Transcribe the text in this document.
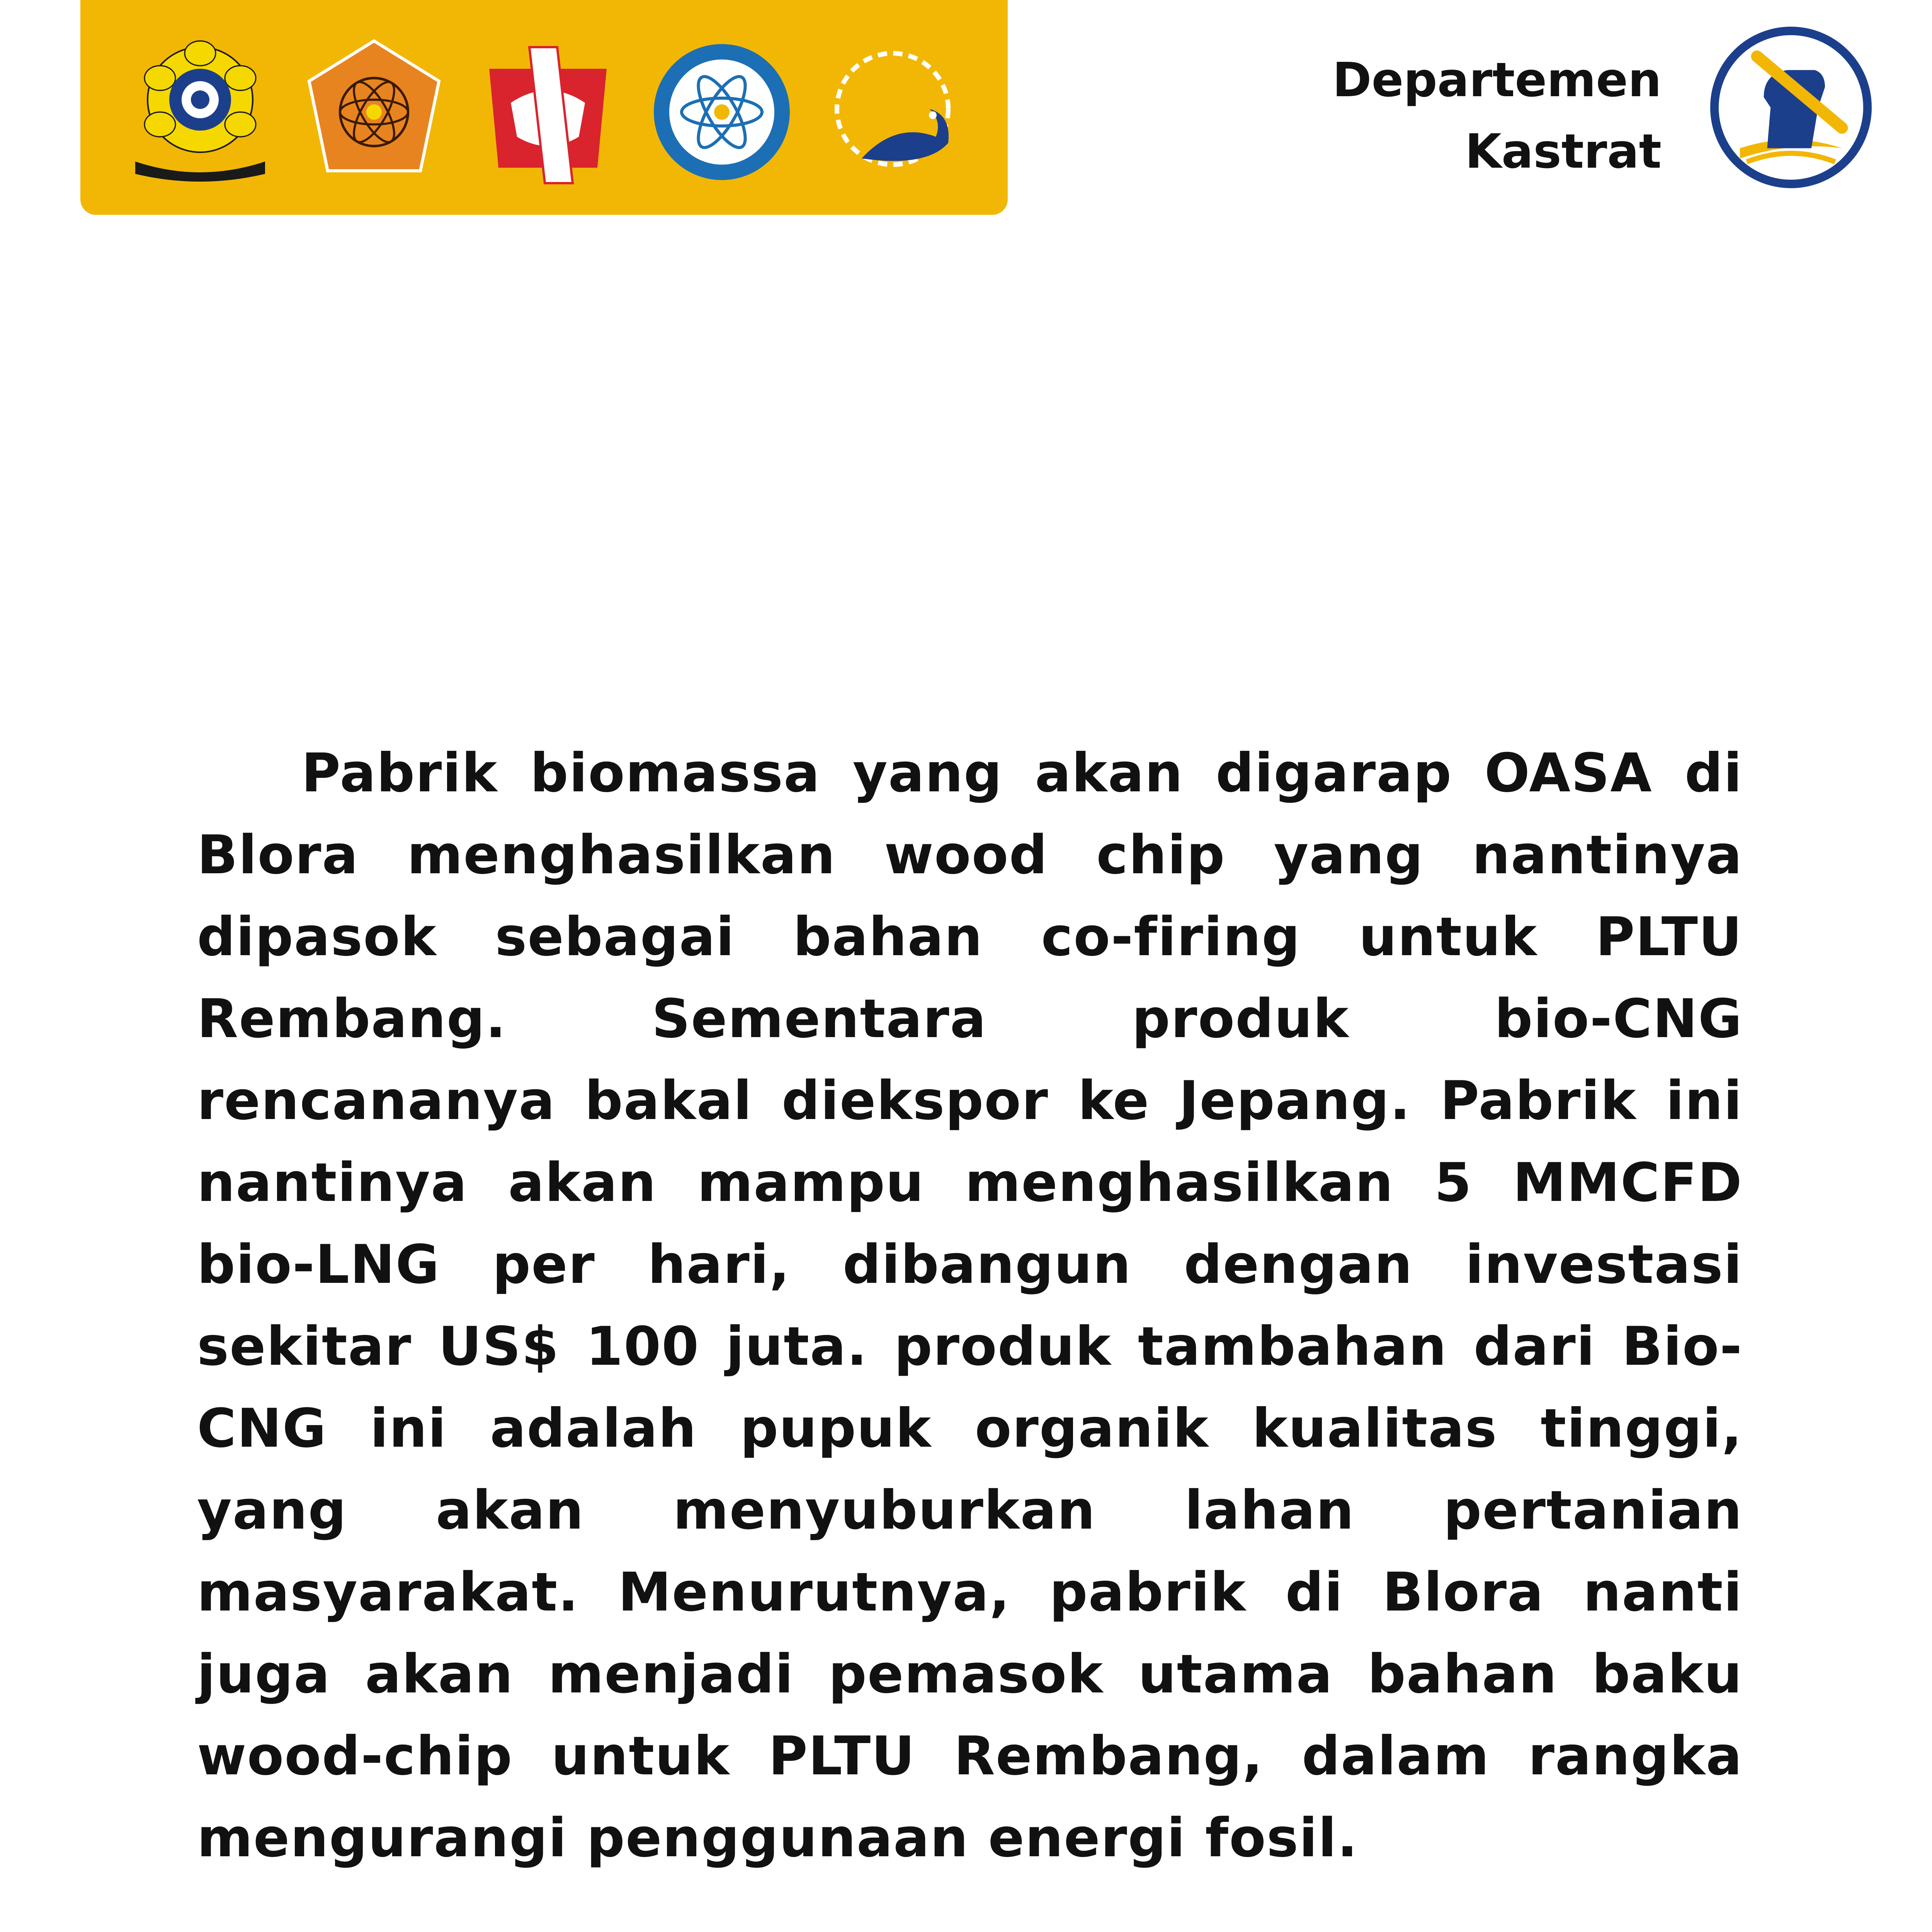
Departemen
Kastrat

Pabrik biomassa yang akan digarap OASA di Blora menghasilkan wood chip yang nantinya dipasok sebagai bahan co-firing untuk PLTU Rembang. Sementara produk bio-CNG rencananya bakal diekspor ke Jepang. Pabrik ini nantinya akan mampu menghasilkan 5 MMCFD bio-LNG per hari, dibangun dengan investasi sekitar US$ 100 juta. produk tambahan dari Bio-CNG ini adalah pupuk organik kualitas tinggi, yang akan menyuburkan lahan pertanian masyarakat. Menurutnya, pabrik di Blora nanti juga akan menjadi pemasok utama bahan baku wood-chip untuk PLTU Rembang, dalam rangka mengurangi penggunaan energi fosil.
